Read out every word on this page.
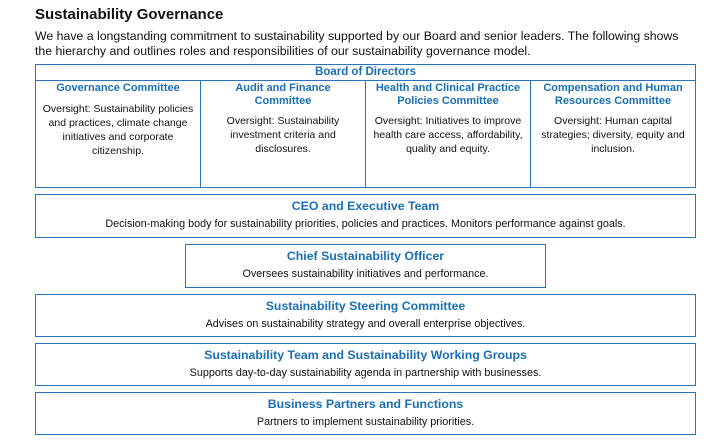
Sustainability Governance
We have a longstanding commitment to sustainability supported by our Board and senior leaders. The following shows the hierarchy and outlines roles and responsibilities of our sustainability governance model.
Board of Directors
Governance Committee
Oversight: Sustainability policies and practices, climate change initiatives and corporate citizenship.
Audit and Finance Committee
Oversight: Sustainability investment criteria and disclosures.
Health and Clinical Practice Policies Committee
Oversight: Initiatives to improve health care access, affordability, quality and equity.
Compensation and Human Resources Committee
Oversight: Human capital strategies; diversity, equity and inclusion.
CEO and Executive Team
Decision-making body for sustainability priorities, policies and practices. Monitors performance against goals.
Chief Sustainability Officer
Oversees sustainability initiatives and performance.
Sustainability Steering Committee
Advises on sustainability strategy and overall enterprise objectives.
Sustainability Team and Sustainability Working Groups
Supports day-to-day sustainability agenda in partnership with businesses.
Business Partners and Functions
Partners to implement sustainability priorities.
